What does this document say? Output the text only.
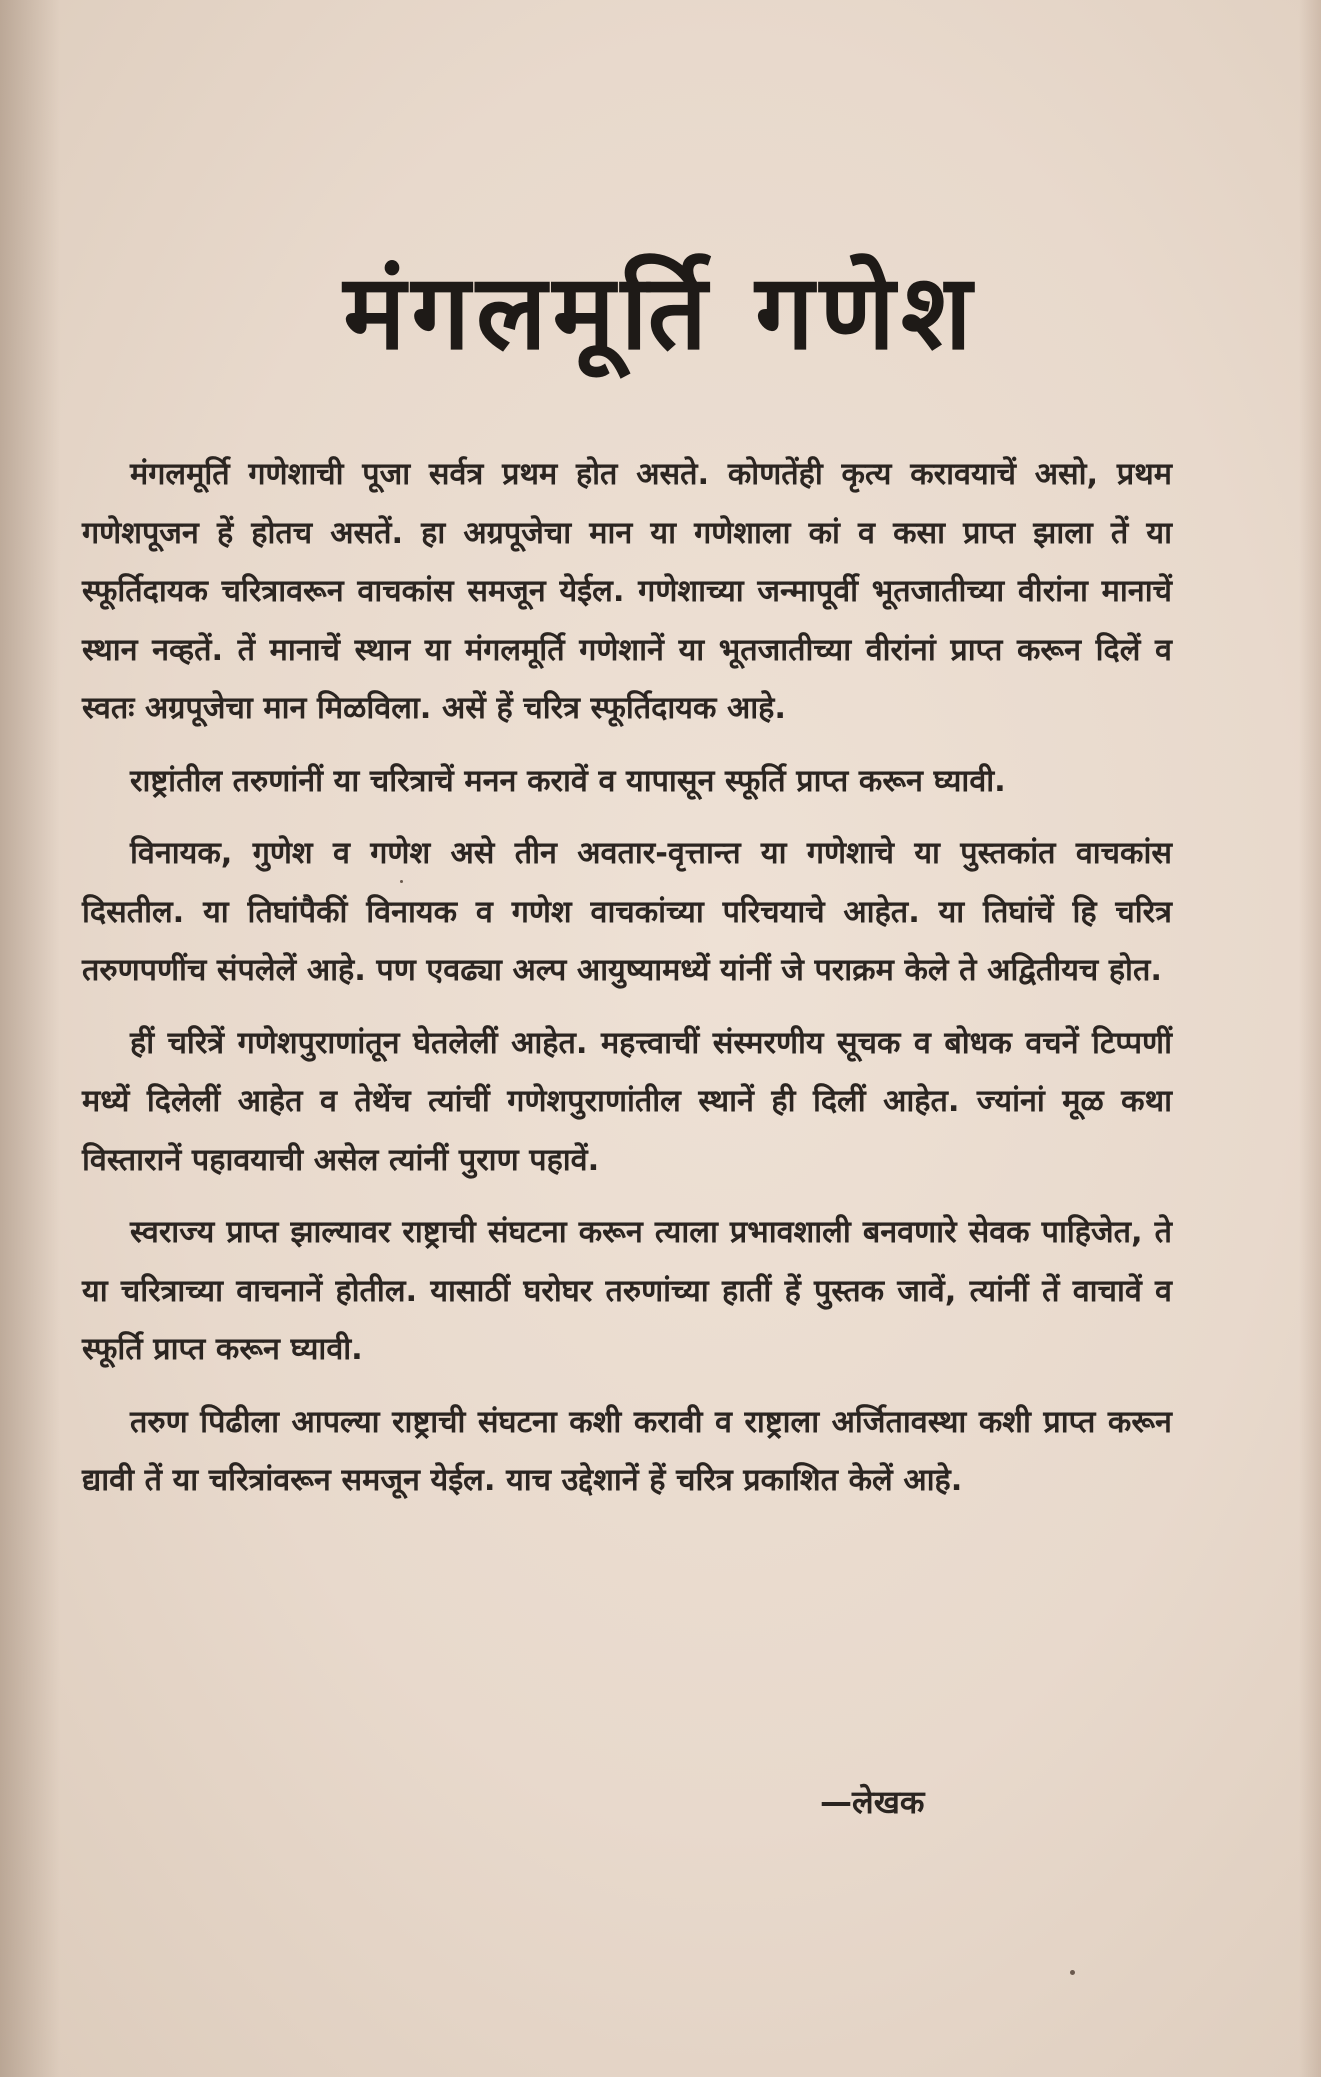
मंगलमूर्ति गणेश

मंगलमूर्ति गणेशाची पूजा सर्वत्र प्रथम होत असते. कोणतेंही कृत्य करावयाचें असो, प्रथम गणेशपूजन हें होतच असतें. हा अग्रपूजेचा मान या गणेशाला कां व कसा प्राप्त झाला तें या स्फूर्तिदायक चरित्रावरून वाचकांस समजून येईल. गणेशाच्या जन्मापूर्वी भूतजातीच्या वीरांना मानाचें स्थान नव्हतें. तें मानाचें स्थान या मंगलमूर्ति गणेशानें या भूतजातीच्या वीरांनां प्राप्त करून दिलें व स्वतः अग्रपूजेचा मान मिळविला. असें हें चरित्र स्फूर्तिदायक आहे.

राष्ट्रांतील तरुणांनीं या चरित्राचें मनन करावें व यापासून स्फूर्ति प्राप्त करून घ्यावी.

विनायक, गुणेश व गणेश असे तीन अवतार-वृत्तान्त या गणेशाचे या पुस्तकांत वाचकांस दिसतील. या तिघांपैकीं विनायक व गणेश वाचकांच्या परिचयाचे आहेत. या तिघांचें हि चरित्र तरुणपणींच संपलेलें आहे. पण एवढ्या अल्प आयुष्यामध्यें यांनीं जे पराक्रम केले ते अद्वितीयच होत.

हीं चरित्रें गणेशपुराणांतून घेतलेलीं आहेत. महत्त्वाचीं संस्मरणीय सूचक व बोधक वचनें टिप्पणीं मध्यें दिलेलीं आहेत व तेथेंच त्यांचीं गणेशपुराणांतील स्थानें ही दिलीं आहेत. ज्यांनां मूळ कथा विस्तारानें पहावयाची असेल त्यांनीं पुराण पहावें.

स्वराज्य प्राप्त झाल्यावर राष्ट्राची संघटना करून त्याला प्रभावशाली बनवणारे सेवक पाहिजेत, ते या चरित्राच्या वाचनानें होतील. यासाठीं घरोघर तरुणांच्या हातीं हें पुस्तक जावें, त्यांनीं तें वाचावें व स्फूर्ति प्राप्त करून घ्यावी.

तरुण पिढीला आपल्या राष्ट्राची संघटना कशी करावी व राष्ट्राला अर्जितावस्था कशी प्राप्त करून द्यावी तें या चरित्रांवरून समजून येईल. याच उद्देशानें हें चरित्र प्रकाशित केलें आहे.

—लेखक
